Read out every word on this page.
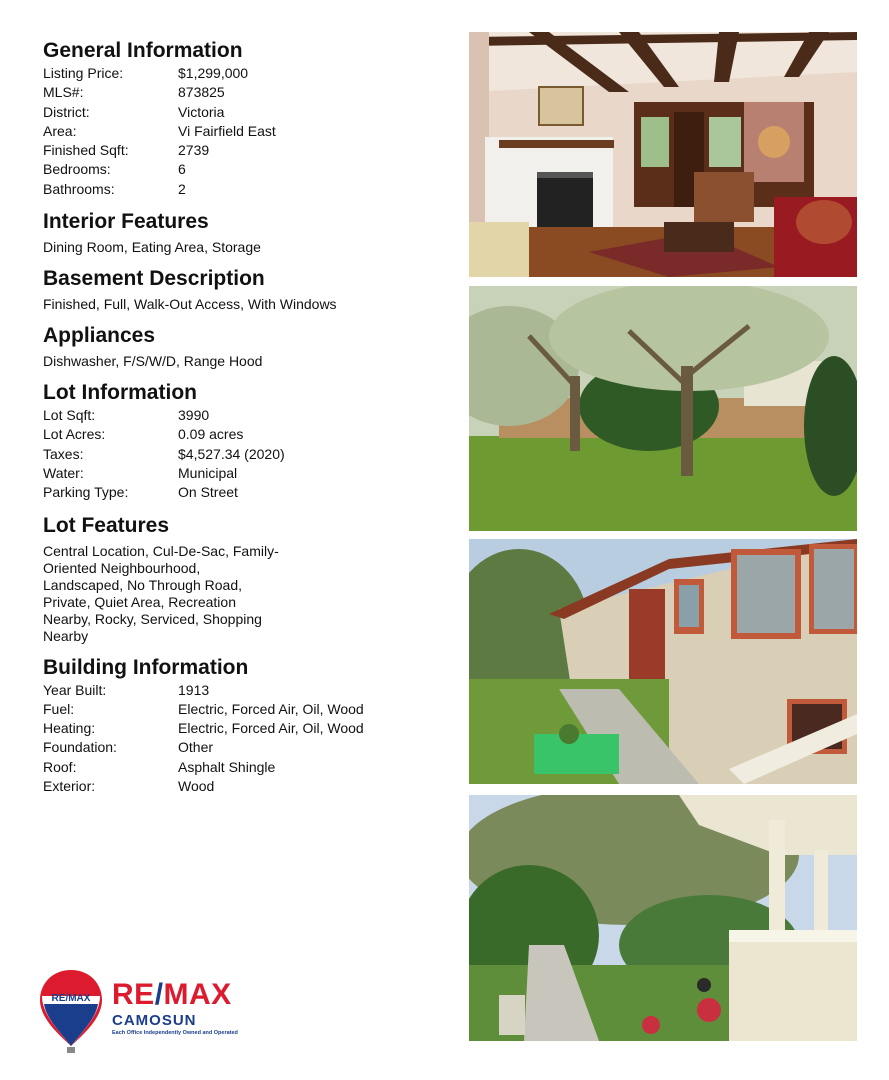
General Information
Listing Price:	$1,299,000
MLS#:	873825
District:	Victoria
Area:	Vi Fairfield East
Finished Sqft:	2739
Bedrooms:	6
Bathrooms:	2
Interior Features
Dining Room, Eating Area, Storage
Basement Description
Finished, Full, Walk-Out Access, With Windows
Appliances
Dishwasher, F/S/W/D, Range Hood
Lot Information
Lot Sqft:	3990
Lot Acres:	0.09 acres
Taxes:	$4,527.34 (2020)
Water:	Municipal
Parking Type:	On Street
Lot Features
Central Location, Cul-De-Sac, Family-Oriented Neighbourhood, Landscaped, No Through Road, Private, Quiet Area, Recreation Nearby, Rocky, Serviced, Shopping Nearby
Building Information
Year Built:	1913
Fuel:	Electric, Forced Air, Oil, Wood
Heating:	Electric, Forced Air, Oil, Wood
Foundation:	Other
Roof:	Asphalt Shingle
Exterior:	Wood
RE/MAX RE/MAX
CAMOSUN
Each Office Independently Owned and Operated
